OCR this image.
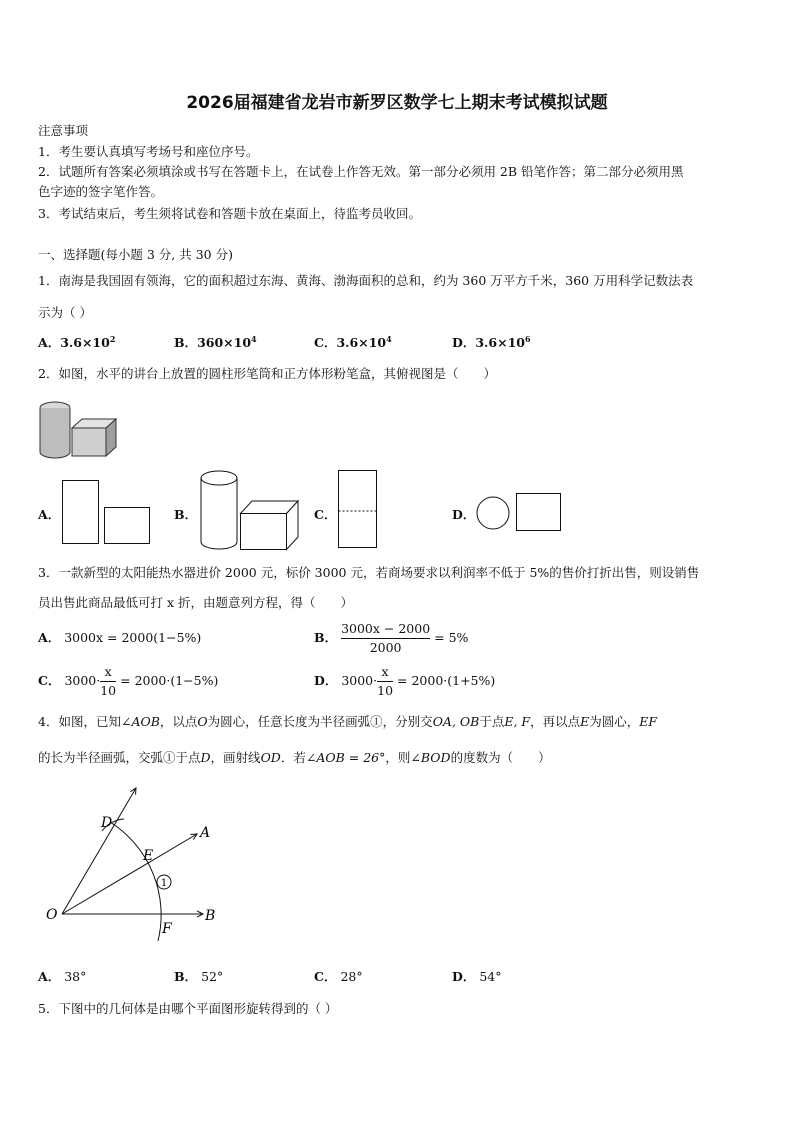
2026届福建省龙岩市新罗区数学七上期末考试模拟试题
注意事项
1．考生要认真填写考场号和座位序号。
2．试题所有答案必须填涂或书写在答题卡上，在试卷上作答无效。第一部分必须用 2B 铅笔作答；第二部分必须用黑
色字迹的签字笔作答。
3．考试结束后，考生须将试卷和答题卡放在桌面上，待监考员收回。
一、选择题(每小题 3 分, 共 30 分)
1．南海是我国固有领海，它的面积超过东海、黄海、渤海面积的总和，约为 360 万平方千米，360 万用科学记数法表
示为（ ）
A．$3.6\times 10^2$	B．$360\times 10^4$	C．$3.6\times 10^4$	D．$3.6\times 10^6$
2．如图，水平的讲台上放置的圆柱形笔筒和正方体形粉笔盒，其俯视图是（　　）
A．	B．	C．	D．
3．一款新型的太阳能热水器进价 2000 元，标价 3000 元，若商场要求以利润率不低于 5%的售价打折出售，则设销售
员出售此商品最低可打 x 折，由题意列方程，得（　　）
A． 3000x = 2000(1−5%)	B． $\frac{3000x - 2000}{2000} = 5\%$
C． $3000\cdot \frac{x}{10} = 2000\cdot(1-5\%)$	D． $3000\cdot \frac{x}{10} = 2000\cdot(1+5\%)$
4．如图，已知∠AOB，以点O为圆心，任意长度为半径画弧①，分别交OA, OB于点E, F，再以点E为圆心，EF
的长为半径画弧，交弧①于点D，画射线OD．若∠AOB = 26°，则∠BOD的度数为（　　）
1
D
E
A
O	B
F
A． 38°	B． 52°	C． 28°	D． 54°
5．下图中的几何体是由哪个平面图形旋转得到的（ ）
